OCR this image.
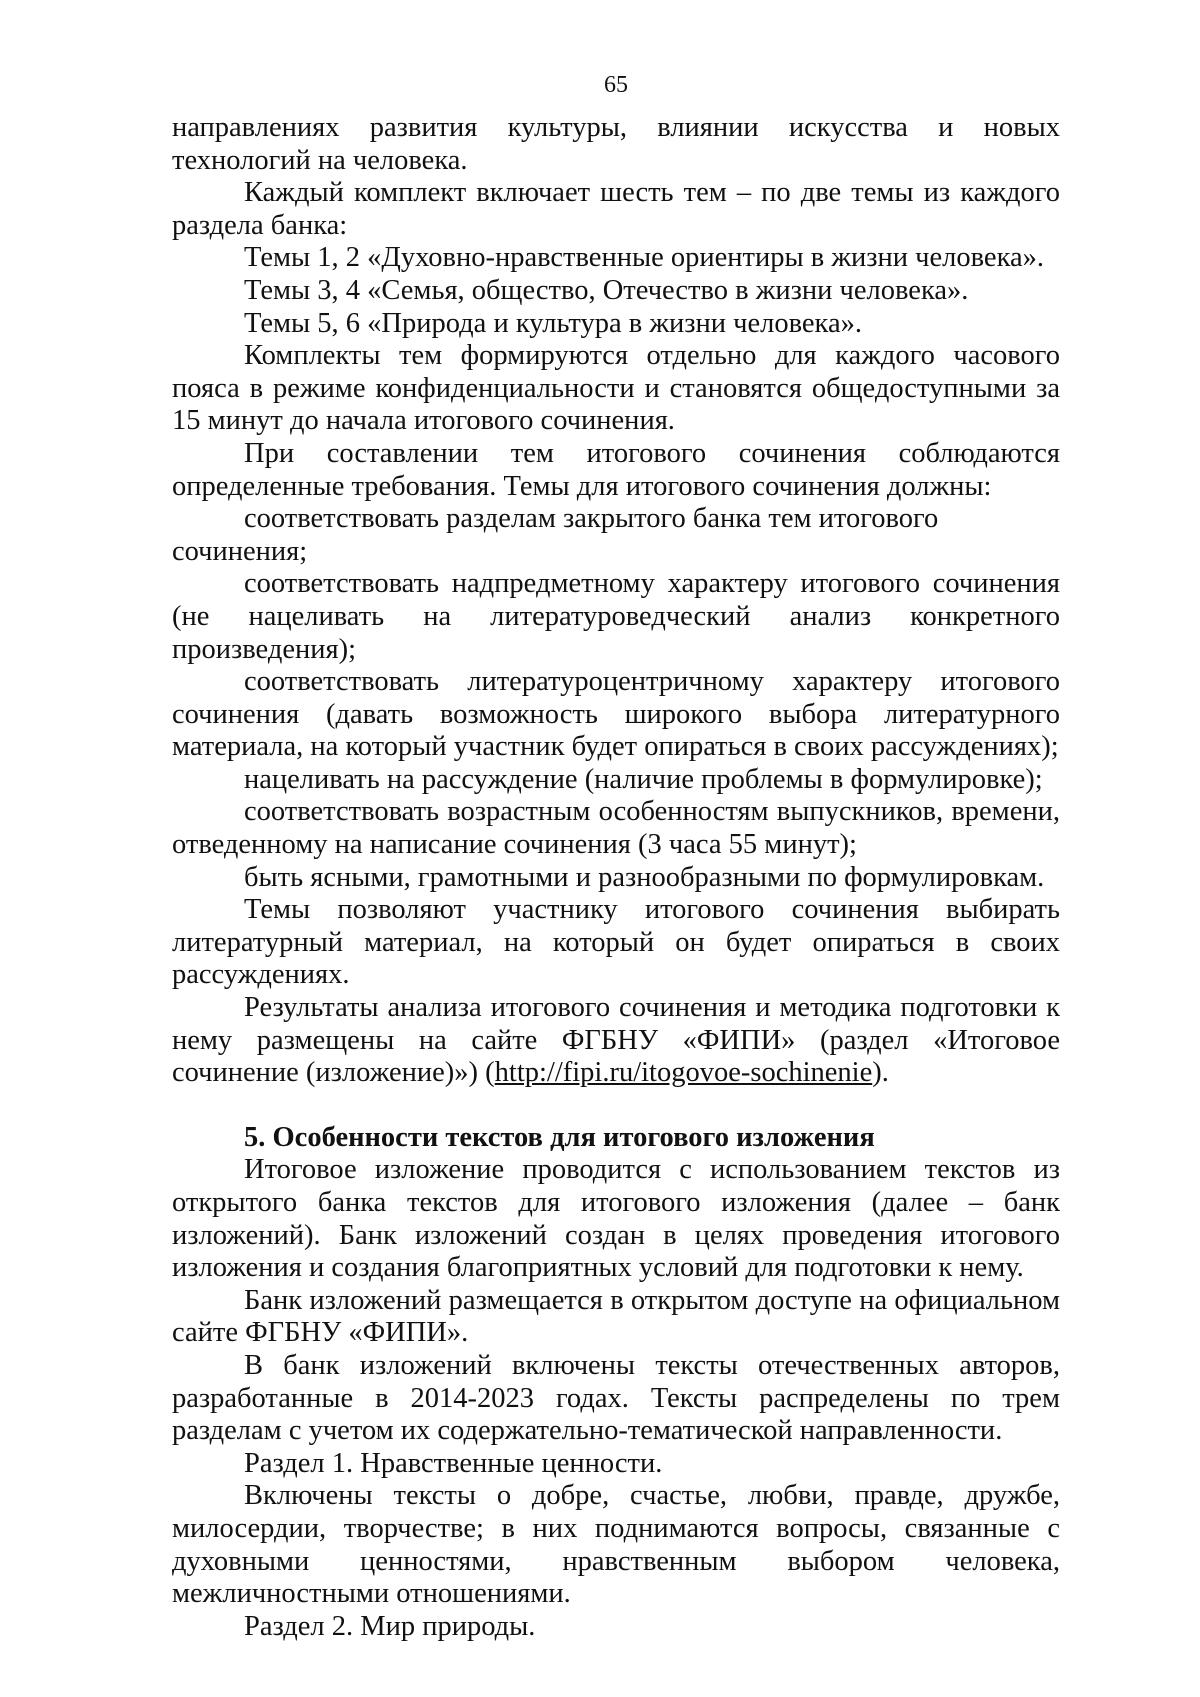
65

направлениях развития культуры, влиянии искусства и новых технологий на человека.

Каждый комплект включает шесть тем – по две темы из каждого раздела банка:

Темы 1, 2 «Духовно-нравственные ориентиры в жизни человека».

Темы 3, 4 «Семья, общество, Отечество в жизни человека».

Темы 5, 6 «Природа и культура в жизни человека».

Комплекты тем формируются отдельно для каждого часового пояса в режиме конфиденциальности и становятся общедоступными за 15 минут до начала итогового сочинения.

При составлении тем итогового сочинения соблюдаются определенные требования. Темы для итогового сочинения должны:

соответствовать разделам закрытого банка тем итогового сочинения;

соответствовать надпредметному характеру итогового сочинения (не нацеливать на литературоведческий анализ конкретного произведения);

соответствовать литературоцентричному характеру итогового сочинения (давать возможность широкого выбора литературного материала, на который участник будет опираться в своих рассуждениях);

нацеливать на рассуждение (наличие проблемы в формулировке);

соответствовать возрастным особенностям выпускников, времени, отведенному на написание сочинения (3 часа 55 минут);

быть ясными, грамотными и разнообразными по формулировкам.

Темы позволяют участнику итогового сочинения выбирать литературный материал, на который он будет опираться в своих рассуждениях.

Результаты анализа итогового сочинения и методика подготовки к нему размещены на сайте ФГБНУ «ФИПИ» (раздел «Итоговое сочинение (изложение)») (http://fipi.ru/itogovoe-sochinenie).

5. Особенности текстов для итогового изложения

Итоговое изложение проводится с использованием текстов из открытого банка текстов для итогового изложения (далее – банк изложений). Банк изложений создан в целях проведения итогового изложения и создания благоприятных условий для подготовки к нему.

Банк изложений размещается в открытом доступе на официальном сайте ФГБНУ «ФИПИ».

В банк изложений включены тексты отечественных авторов, разработанные в 2014-2023 годах. Тексты распределены по трем разделам с учетом их содержательно-тематической направленности.

Раздел 1. Нравственные ценности.

Включены тексты о добре, счастье, любви, правде, дружбе, милосердии, творчестве; в них поднимаются вопросы, связанные с духовными ценностями, нравственным выбором человека, межличностными отношениями.

Раздел 2. Мир природы.
